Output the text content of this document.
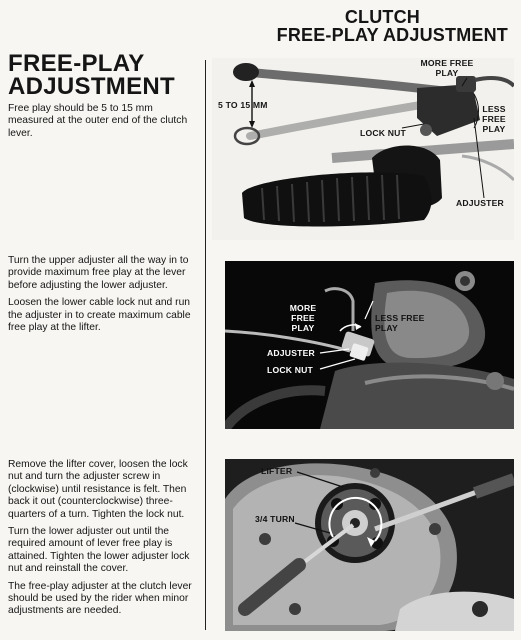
CLUTCH
FREE-PLAY ADJUSTMENT
FREE-PLAY
ADJUSTMENT

Free play should be 5 to 15 mm measured at the outer end of the clutch lever.

Turn the upper adjuster all the way in to provide maximum free play at the lever before adjusting the lower adjuster.

Loosen the lower cable lock nut and run the adjuster in to create maximum cable free play at the lifter.

Remove the lifter cover, loosen the lock nut and turn the adjuster screw in (clockwise) until resistance is felt. Then back it out (counterclockwise) three-quarters of a turn. Tighten the lock nut.

Turn the lower adjuster out until the required amount of lever free play is attained. Tighten the lower adjuster lock nut and reinstall the cover.

The free-play adjuster at the clutch lever should be used by the rider when minor adjustments are needed.

5 TO 15 MM
MORE FREE PLAY
LESS FREE PLAY
LOCK NUT
ADJUSTER
MORE FREE PLAY
LESS FREE PLAY
ADJUSTER
LOCK NUT
LIFTER
3/4 TURN
